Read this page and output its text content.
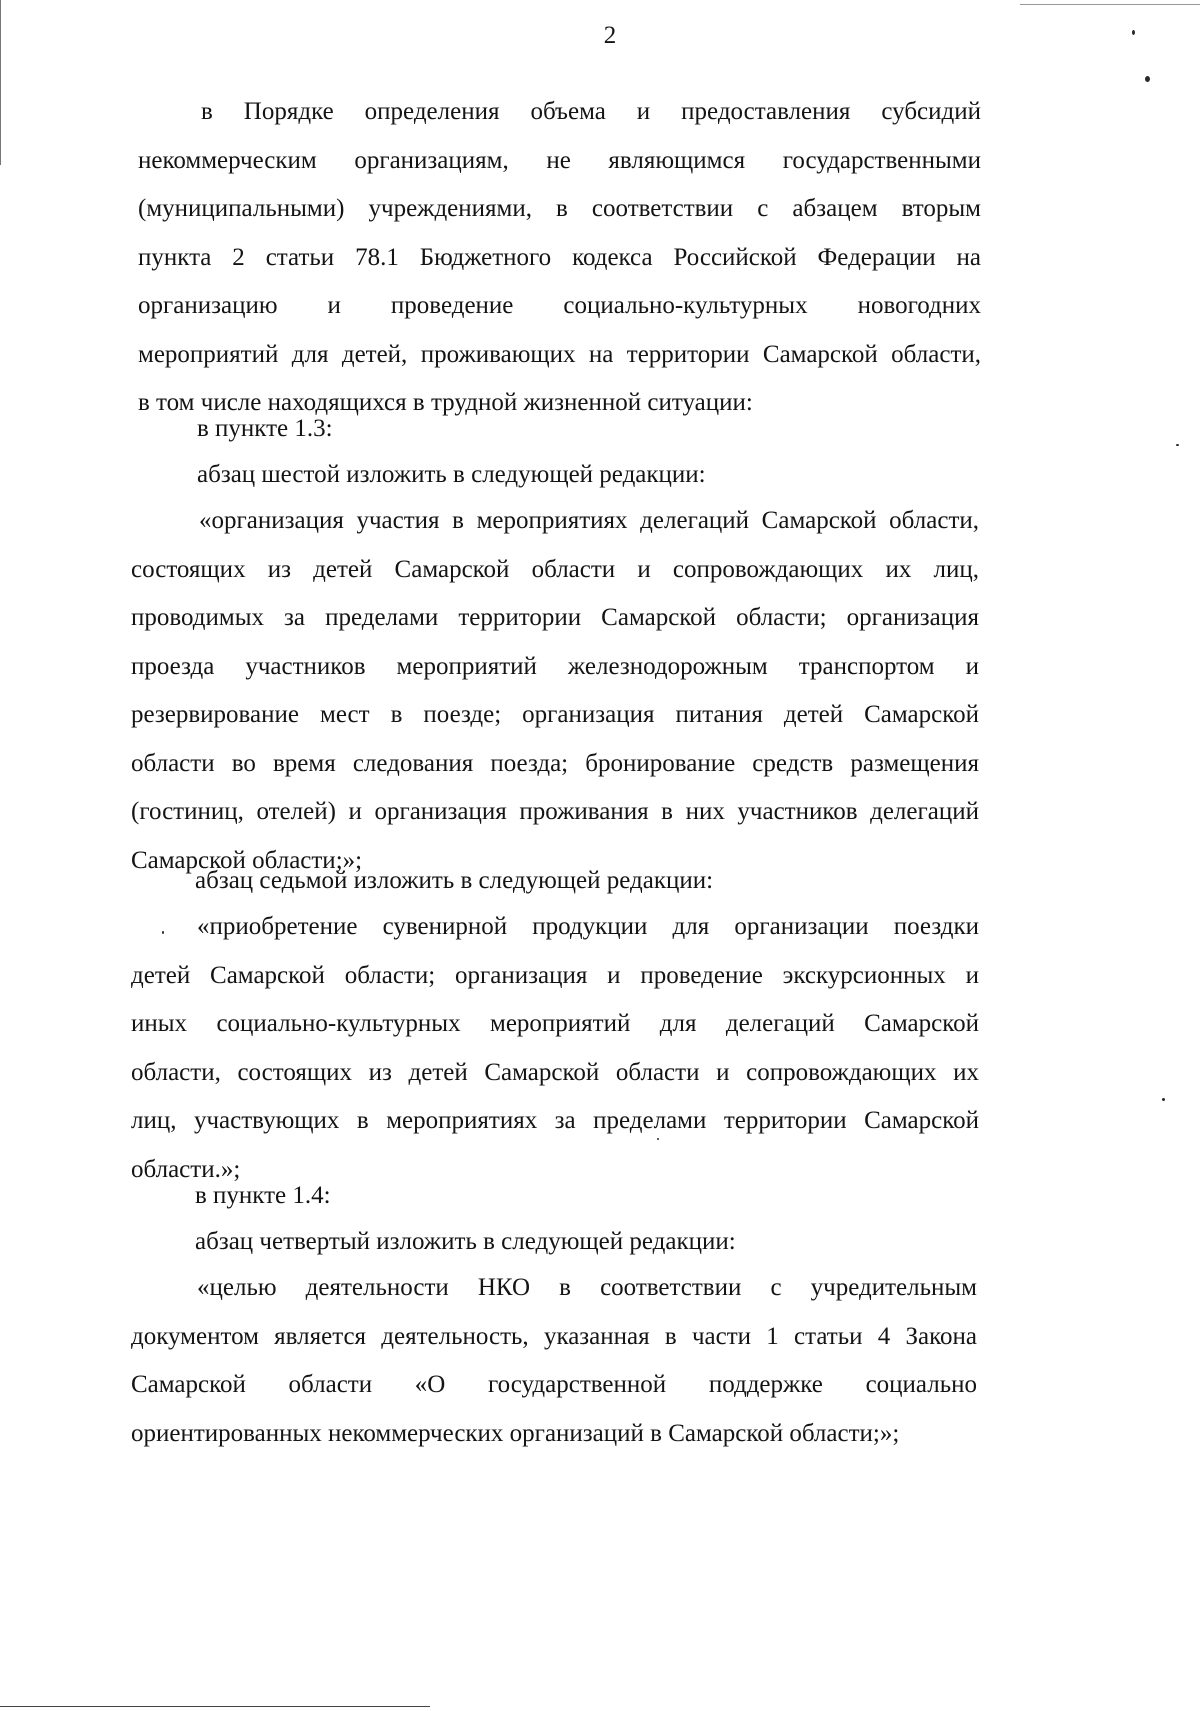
2
в Порядке определения объема и предоставления субсидий
некоммерческим организациям, не являющимся государственными
(муниципальными) учреждениями, в соответствии с абзацем вторым
пункта 2 статьи 78.1 Бюджетного кодекса Российской Федерации на
организацию и проведение социально-культурных новогодних
мероприятий для детей, проживающих на территории Самарской области,
в том числе находящихся в трудной жизненной ситуации:
в пункте 1.3:
абзац шестой изложить в следующей редакции:
«организация участия в мероприятиях делегаций Самарской области,
состоящих из детей Самарской области и сопровождающих их лиц,
проводимых за пределами территории Самарской области; организация
проезда участников мероприятий железнодорожным транспортом и
резервирование мест в поезде; организация питания детей Самарской
области во время следования поезда; бронирование средств размещения
(гостиниц, отелей) и организация проживания в них участников делегаций
Самарской области;»;
абзац седьмой изложить в следующей редакции:
«приобретение сувенирной продукции для организации поездки
детей Самарской области; организация и проведение экскурсионных и
иных социально-культурных мероприятий для делегаций Самарской
области, состоящих из детей Самарской области и сопровождающих их
лиц, участвующих в мероприятиях за пределами территории Самарской
области.»;
в пункте 1.4:
абзац четвертый изложить в следующей редакции:
«целью деятельности НКО в соответствии с учредительным
документом является деятельность, указанная в части 1 статьи 4 Закона
Самарской области «О государственной поддержке социально
ориентированных некоммерческих организаций в Самарской области;»;
